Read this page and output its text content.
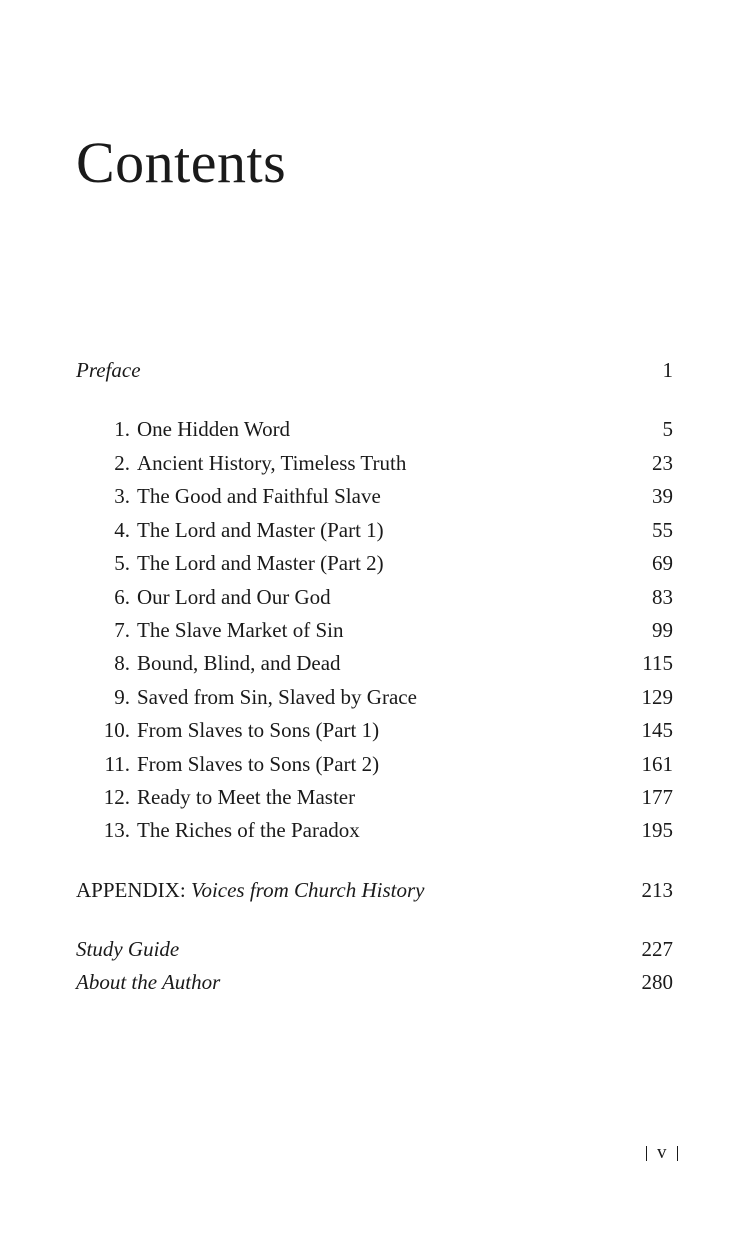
Contents
Preface	1
1. One Hidden Word	5
2. Ancient History, Timeless Truth	23
3. The Good and Faithful Slave	39
4. The Lord and Master (Part 1)	55
5. The Lord and Master (Part 2)	69
6. Our Lord and Our God	83
7. The Slave Market of Sin	99
8. Bound, Blind, and Dead	115
9. Saved from Sin, Slaved by Grace	129
10. From Slaves to Sons (Part 1)	145
11. From Slaves to Sons (Part 2)	161
12. Ready to Meet the Master	177
13. The Riches of the Paradox	195
APPENDIX: Voices from Church History	213
Study Guide	227
About the Author	280
v
